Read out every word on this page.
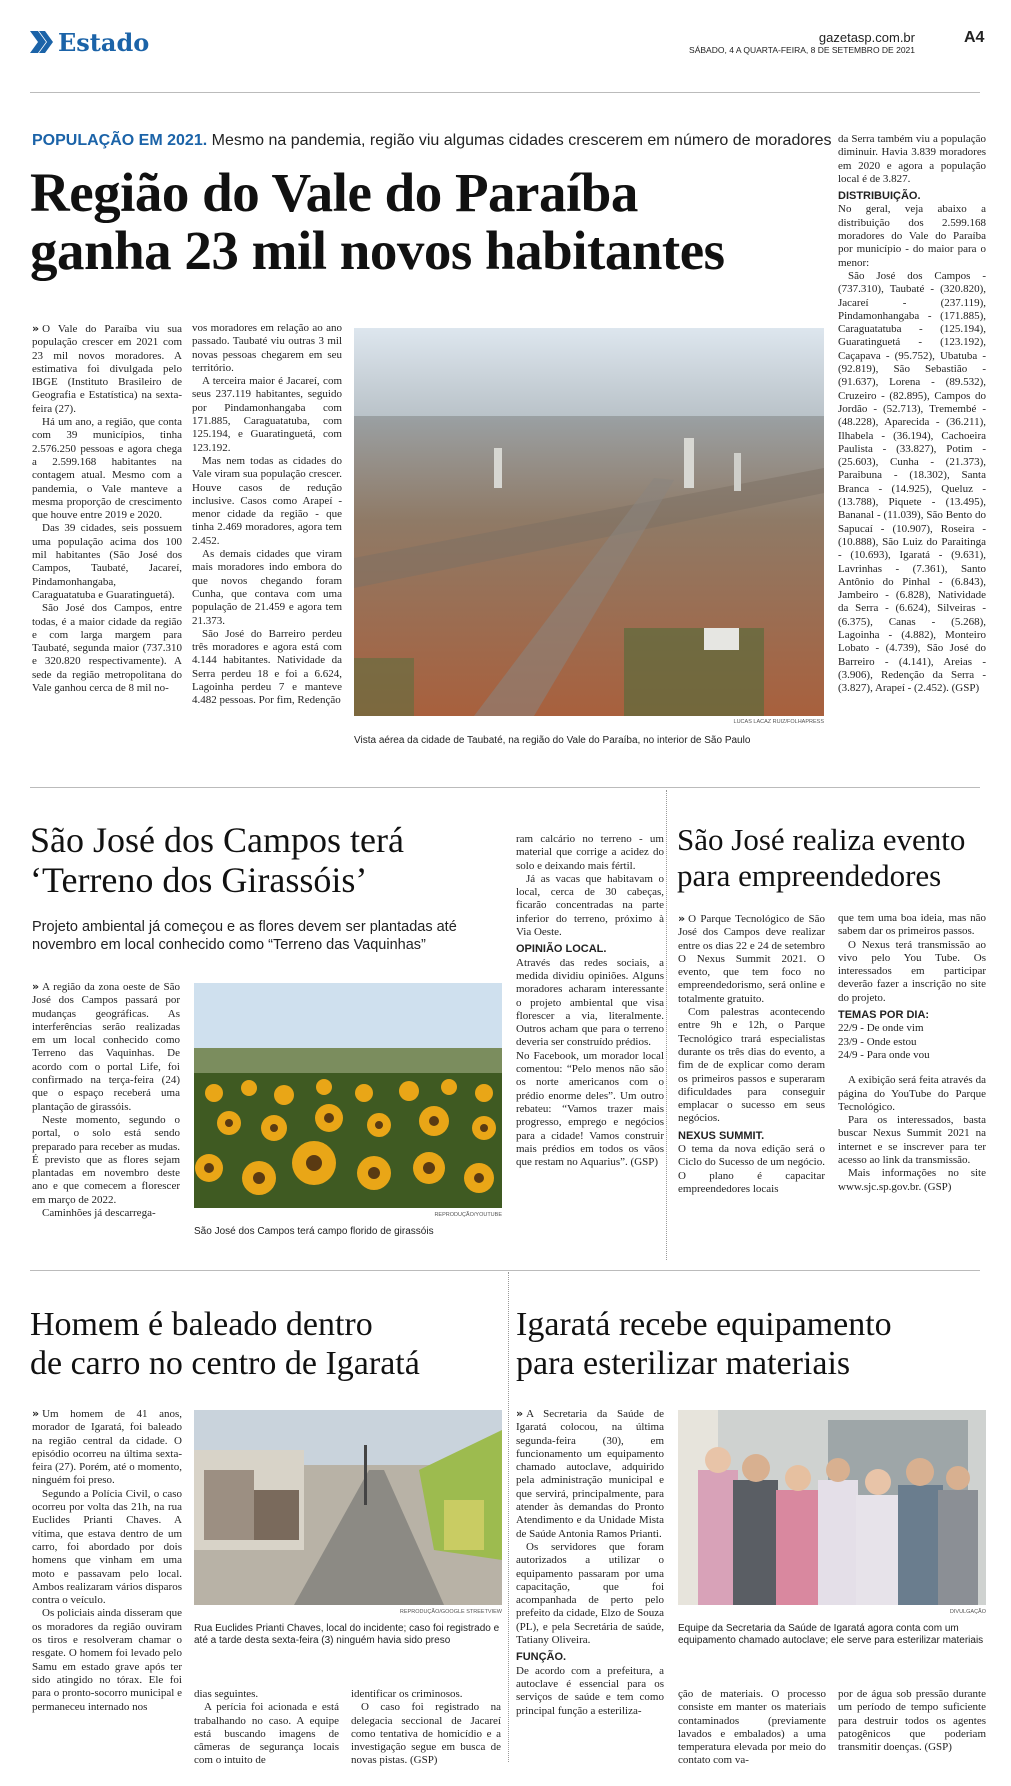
Estado	gazetasp.com.br
SÁBADO, 4 A QUARTA-FEIRA, 8 DE SETEMBRO DE 2021
A4
POPULAÇÃO EM 2021. Mesmo na pandemia, região viu algumas cidades crescerem em número de moradores
Região do Vale do Paraíba
ganha 23 mil novos habitantes

» O Vale do Paraíba viu sua população crescer em 2021 com 23 mil novos moradores. A estimativa foi divulgada pelo IBGE (Instituto Brasileiro de Geografia e Estatística) na sexta-feira (27).

Há um ano, a região, que conta com 39 municípios, tinha 2.576.250 pessoas e agora chega a 2.599.168 habitantes na contagem atual. Mesmo com a pandemia, o Vale manteve a mesma proporção de crescimento que houve entre 2019 e 2020.

Das 39 cidades, seis possuem uma população acima dos 100 mil habitantes (São José dos Campos, Taubaté, Jacareí, Pindamonhangaba, Caraguatatuba e Guaratinguetá).

São José dos Campos, entre todas, é a maior cidade da região e com larga margem para Taubaté, segunda maior (737.310 e 320.820 respectivamente). A sede da região metropolitana do Vale ganhou cerca de 8 mil no-

vos moradores em relação ao ano passado. Taubaté viu outras 3 mil novas pessoas chegarem em seu território.

A terceira maior é Jacareí, com seus 237.119 habitantes, seguido por Pindamonhangaba com 171.885, Caraguatatuba, com 125.194, e Guaratinguetá, com 123.192.

Mas nem todas as cidades do Vale viram sua população crescer. Houve casos de redução inclusive. Casos como Arapeí - menor cidade da região - que tinha 2.469 moradores, agora tem 2.452.

As demais cidades que viram mais moradores indo embora do que novos chegando foram Cunha, que contava com uma população de 21.459 e agora tem 21.373.

São José do Barreiro perdeu três moradores e agora está com 4.144 habitantes. Natividade da Serra perdeu 18 e foi a 6.624, Lagoinha perdeu 7 e manteve 4.482 pessoas. Por fim, Redenção

LUCAS LACAZ RUIZ/FOLHAPRESS
Vista aérea da cidade de Taubaté, na região do Vale do Paraíba, no interior de São Paulo

da Serra também viu a população diminuir. Havia 3.839 moradores em 2020 e agora a população local é de 3.827.

DISTRIBUIÇÃO.

No geral, veja abaixo a distribuição dos 2.599.168 moradores do Vale do Paraíba por município - do maior para o menor:

São José dos Campos - (737.310), Taubaté - (320.820), Jacareí - (237.119), Pindamonhangaba - (171.885), Caraguatatuba - (125.194), Guaratinguetá - (123.192), Caçapava - (95.752), Ubatuba - (92.819), São Sebastião - (91.637), Lorena - (89.532), Cruzeiro - (82.895), Campos do Jordão - (52.713), Tremembé - (48.228), Aparecida - (36.211), Ilhabela - (36.194), Cachoeira Paulista - (33.827), Potim - (25.603), Cunha - (21.373), Paraibuna - (18.302), Santa Branca - (14.925), Queluz - (13.788), Piquete - (13.495), Bananal - (11.039), São Bento do Sapucaí - (10.907), Roseira - (10.888), São Luiz do Paraitinga - (10.693), Igaratá - (9.631), Lavrinhas - (7.361), Santo Antônio do Pinhal - (6.843), Jambeiro - (6.828), Natividade da Serra - (6.624), Silveiras - (6.375), Canas - (5.268), Lagoinha - (4.882), Monteiro Lobato - (4.739), São José do Barreiro - (4.141), Areias - (3.906), Redenção da Serra - (3.827), Arapeí - (2.452). (GSP)

São José dos Campos terá
‘Terreno dos Girassóis’
Projeto ambiental já começou e as flores devem ser plantadas até novembro em local conhecido como “Terreno das Vaquinhas”

» A região da zona oeste de São José dos Campos passará por mudanças geográficas. As interferências serão realizadas em um local conhecido como Terreno das Vaquinhas. De acordo com o portal Life, foi confirmado na terça-feira (24) que o espaço receberá uma plantação de girassóis.

Neste momento, segundo o portal, o solo está sendo preparado para receber as mudas. É previsto que as flores sejam plantadas em novembro deste ano e que comecem a florescer em março de 2022.

Caminhões já descarrega-	REPRODUÇÃO/YOUTUBE
São José dos Campos terá campo florido de girassóis

ram calcário no terreno - um material que corrige a acidez do solo e deixando mais fértil.

Já as vacas que habitavam o local, cerca de 30 cabeças, ficarão concentradas na parte inferior do terreno, próximo à Via Oeste.

OPINIÃO LOCAL.

Através das redes sociais, a medida dividiu opiniões. Alguns moradores acharam interessante o projeto ambiental que visa florescer a via, literalmente. Outros acham que para o terreno deveria ser construído prédios.

No Facebook, um morador local comentou: “Pelo menos não são os norte americanos com o prédio enorme deles”. Um outro rebateu: “Vamos trazer mais progresso, emprego e negócios para a cidade! Vamos construir mais prédios em todos os vãos que restam no Aquarius”. (GSP)

São José realiza evento
para empreendedores

» O Parque Tecnológico de São José dos Campos deve realizar entre os dias 22 e 24 de setembro O Nexus Summit 2021. O evento, que tem foco no empreendedorismo, será online e totalmente gratuito.

Com palestras acontecendo entre 9h e 12h, o Parque Tecnológico trará especialistas durante os três dias do evento, a fim de de explicar como deram os primeiros passos e superaram dificuldades para conseguir emplacar o sucesso em seus negócios.

NEXUS SUMMIT.

O tema da nova edição será o Ciclo do Sucesso de um negócio. O plano é capacitar empreendedores locais

que tem uma boa ideia, mas não sabem dar os primeiros passos.

O Nexus terá transmissão ao vivo pelo You Tube. Os interessados em participar deverão fazer a inscrição no site do projeto.

TEMAS POR DIA:
22/9 - De onde vim
23/9 - Onde estou
24/9 - Para onde vou

A exibição será feita através da página do YouTube do Parque Tecnológico.

Para os interessados, basta buscar Nexus Summit 2021 na internet e se inscrever para ter acesso ao link da transmissão.

Mais informações no site www.sjc.sp.gov.br. (GSP)

Homem é baleado dentro
de carro no centro de Igaratá

» Um homem de 41 anos, morador de Igaratá, foi baleado na região central da cidade. O episódio ocorreu na última sexta-feira (27). Porém, até o momento, ninguém foi preso.

Segundo a Polícia Civil, o caso ocorreu por volta das 21h, na rua Euclides Prianti Chaves. A vítima, que estava dentro de um carro, foi abordado por dois homens que vinham em uma moto e passavam pelo local. Ambos realizaram vários disparos contra o veículo.

Os policiais ainda disseram que os moradores da região ouviram os tiros e resolveram chamar o resgate. O homem foi levado pelo Samu em estado grave após ter sido atingido no tórax. Ele foi para o pronto-socorro municipal e permaneceu internado nos

REPRODUÇÃO/GOOGLE STREETVIEW
Rua Euclides Prianti Chaves, local do incidente; caso foi registrado e até a tarde desta sexta-feira (3) ninguém havia sido preso

dias seguintes.

A perícia foi acionada e está trabalhando no caso. A equipe está buscando imagens de câmeras de segurança locais com o intuito de

identificar os criminosos.

O caso foi registrado na delegacia seccional de Jacareí como tentativa de homicídio e a investigação segue em busca de novas pistas. (GSP)

Igaratá recebe equipamento
para esterilizar materiais

» A Secretaria da Saúde de Igaratá colocou, na última segunda-feira (30), em funcionamento um equipamento chamado autoclave, adquirido pela administração municipal e que servirá, principalmente, para atender às demandas do Pronto Atendimento e da Unidade Mista de Saúde Antonia Ramos Prianti.

Os servidores que foram autorizados a utilizar o equipamento passaram por uma capacitação, que foi acompanhada de perto pelo prefeito da cidade, Elzo de Souza (PL), e pela Secretária de saúde, Tatiany Oliveira.

FUNÇÃO.

De acordo com a prefeitura, a autoclave é essencial para os serviços de saúde e tem como principal função a esteriliza-

DIVULGAÇÃO
Equipe da Secretaria da Saúde de Igaratá agora conta com um equipamento chamado autoclave; ele serve para esterilizar materiais

ção de materiais. O processo consiste em manter os materiais contaminados (previamente lavados e embalados) a uma temperatura elevada por meio do contato com va-

por de água sob pressão durante um período de tempo suficiente para destruir todos os agentes patogênicos que poderiam transmitir doenças. (GSP)
